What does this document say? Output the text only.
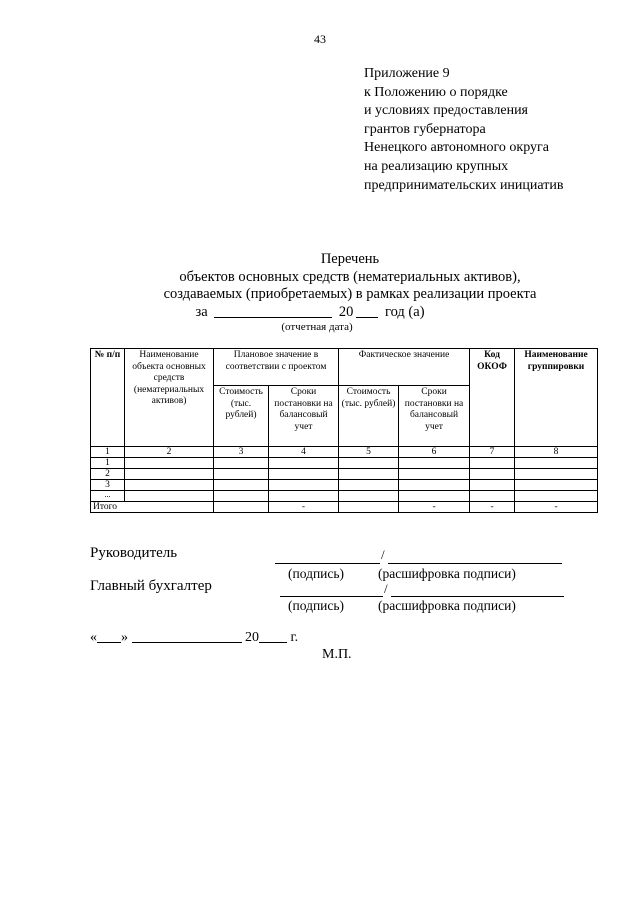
43
Приложение 9
к Положению о порядке
и условиях предоставления
грантов губернатора
Ненецкого автономного округа
на реализацию крупных
предпринимательских инициатив
Перечень
объектов основных средств (нематериальных активов),
создаваемых (приобретаемых) в рамках реализации проекта
за	20 год (а)
(отчетная дата)
№ п/п	Наименование объекта основных средств (нематериальных активов)	Плановое значение в соответствии с проектом		Фактическое значение		Код ОКОФ	Наименование группировки
		Стоимость (тыс. рублей)	Сроки постановки на балансовый учет	Стоимость (тыс. рублей)	Сроки постановки на балансовый учет		
1	2	3	4	5	6	7	8
1							
2							
3							
...							
Итого			-		-	-	-
Руководитель	/
(подпись)	(расшифровка подписи)
Главный бухгалтер	/
(подпись)	(расшифровка подписи)
« »	20 г.
М.П.
